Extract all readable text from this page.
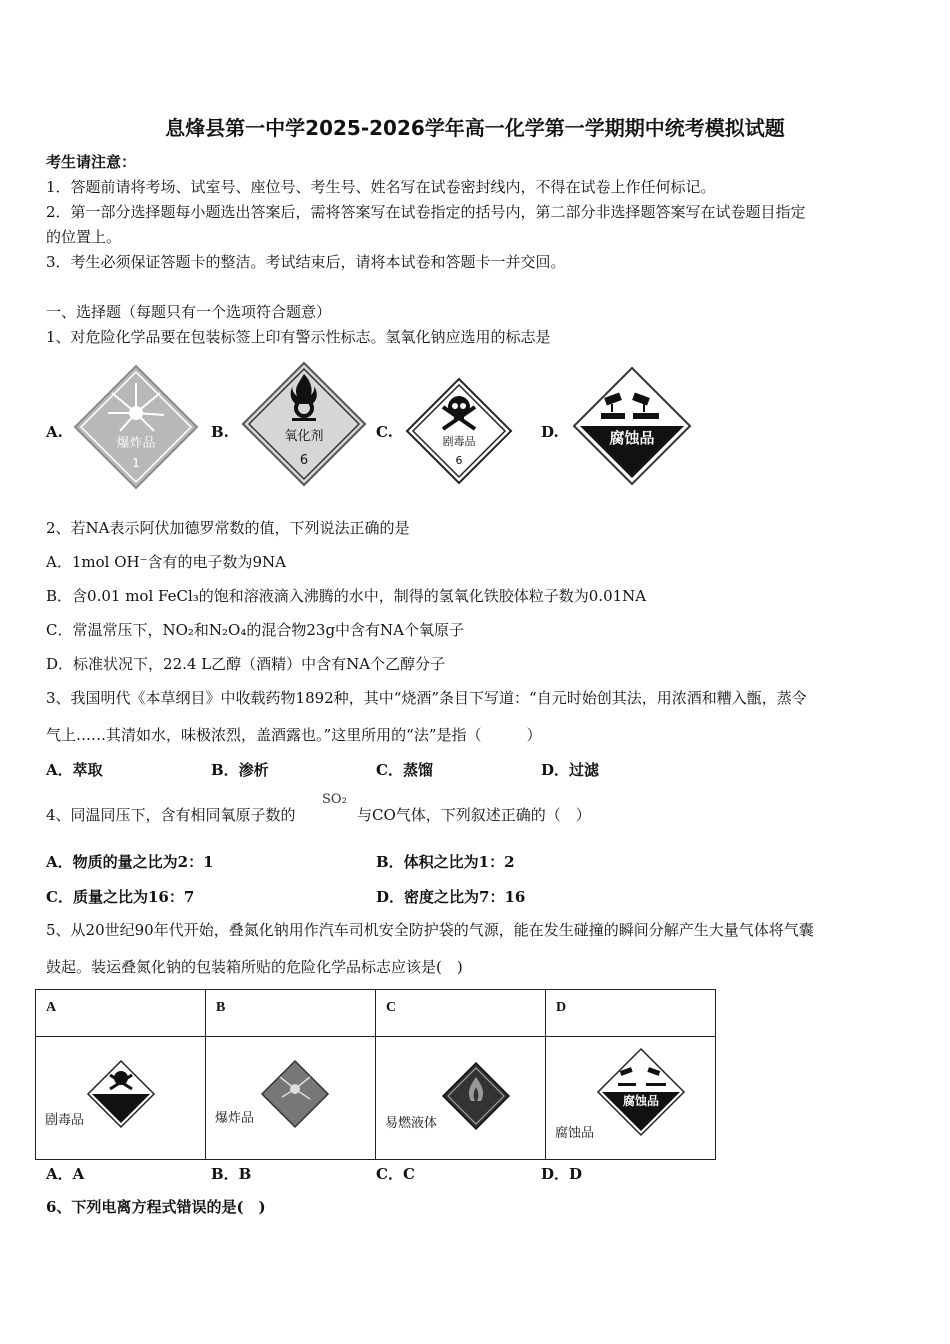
息烽县第一中学2025-2026学年高一化学第一学期期中统考模拟试题
考生请注意：
1．答题前请将考场、试室号、座位号、考生号、姓名写在试卷密封线内，不得在试卷上作任何标记。
2．第一部分选择题每小题选出答案后，需将答案写在试卷指定的括号内，第二部分非选择题答案写在试卷题目指定
的位置上。
3．考生必须保证答题卡的整洁。考试结束后，请将本试卷和答题卡一并交回。
一、选择题（每题只有一个选项符合题意）
1、对危险化学品要在包装标签上印有警示性标志。氢氧化钠应选用的标志是
A.	B.	C.	D.
爆炸品
1
氧化剂
6
剧毒品
6
腐蚀品
2、若NA表示阿伏加德罗常数的值，下列说法正确的是
A．1mol OH⁻含有的电子数为9NA
B．含0.01 mol FeCl₃的饱和溶液滴入沸腾的水中，制得的氢氧化铁胶体粒子数为0.01NA
C．常温常压下，NO₂和N₂O₄的混合物23g中含有NA个氧原子
D．标准状况下，22.4 L乙醇（酒精）中含有NA个乙醇分子
3、我国明代《本草纲目》中收载药物1892种，其中“烧酒”条目下写道：“自元时始创其法，用浓酒和糟入甑，蒸令
气上……其清如水，味极浓烈，盖酒露也。”这里所用的“法”是指（　　　）
A．萃取	B．渗析	C．蒸馏	D．过滤
4、同温同压下，含有相同氧原子数的
SO₂
与CO气体，下列叙述正确的（　）
A．物质的量之比为2：1	B．体积之比为1：2
C．质量之比为16：7	D．密度之比为7：16
5、从20世纪90年代开始，叠氮化钠用作汽车司机安全防护袋的气源，能在发生碰撞的瞬间分解产生大量气体将气囊
鼓起。装运叠氮化钠的包装箱所贴的危险化学品标志应该是(　)
A	B	C	D

剧毒品	爆炸品	易燃液体	腐蚀品
腐蚀品
A．A	B．B	C．C	D．D
6、下列电离方程式错误的是(　)
